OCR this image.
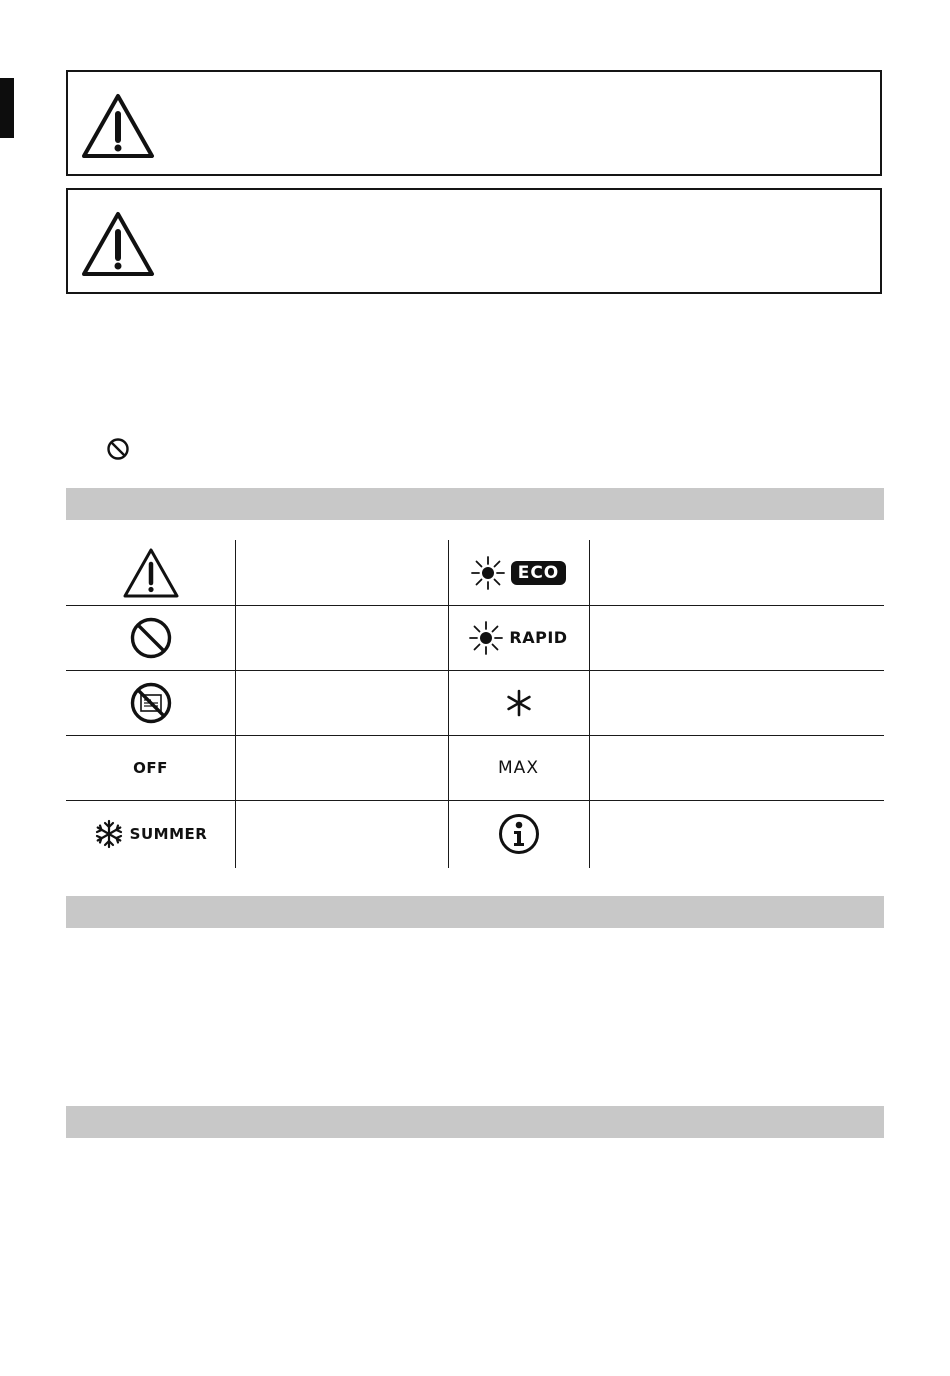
ECO
RAPID
OFF	MAX
SUMMER
